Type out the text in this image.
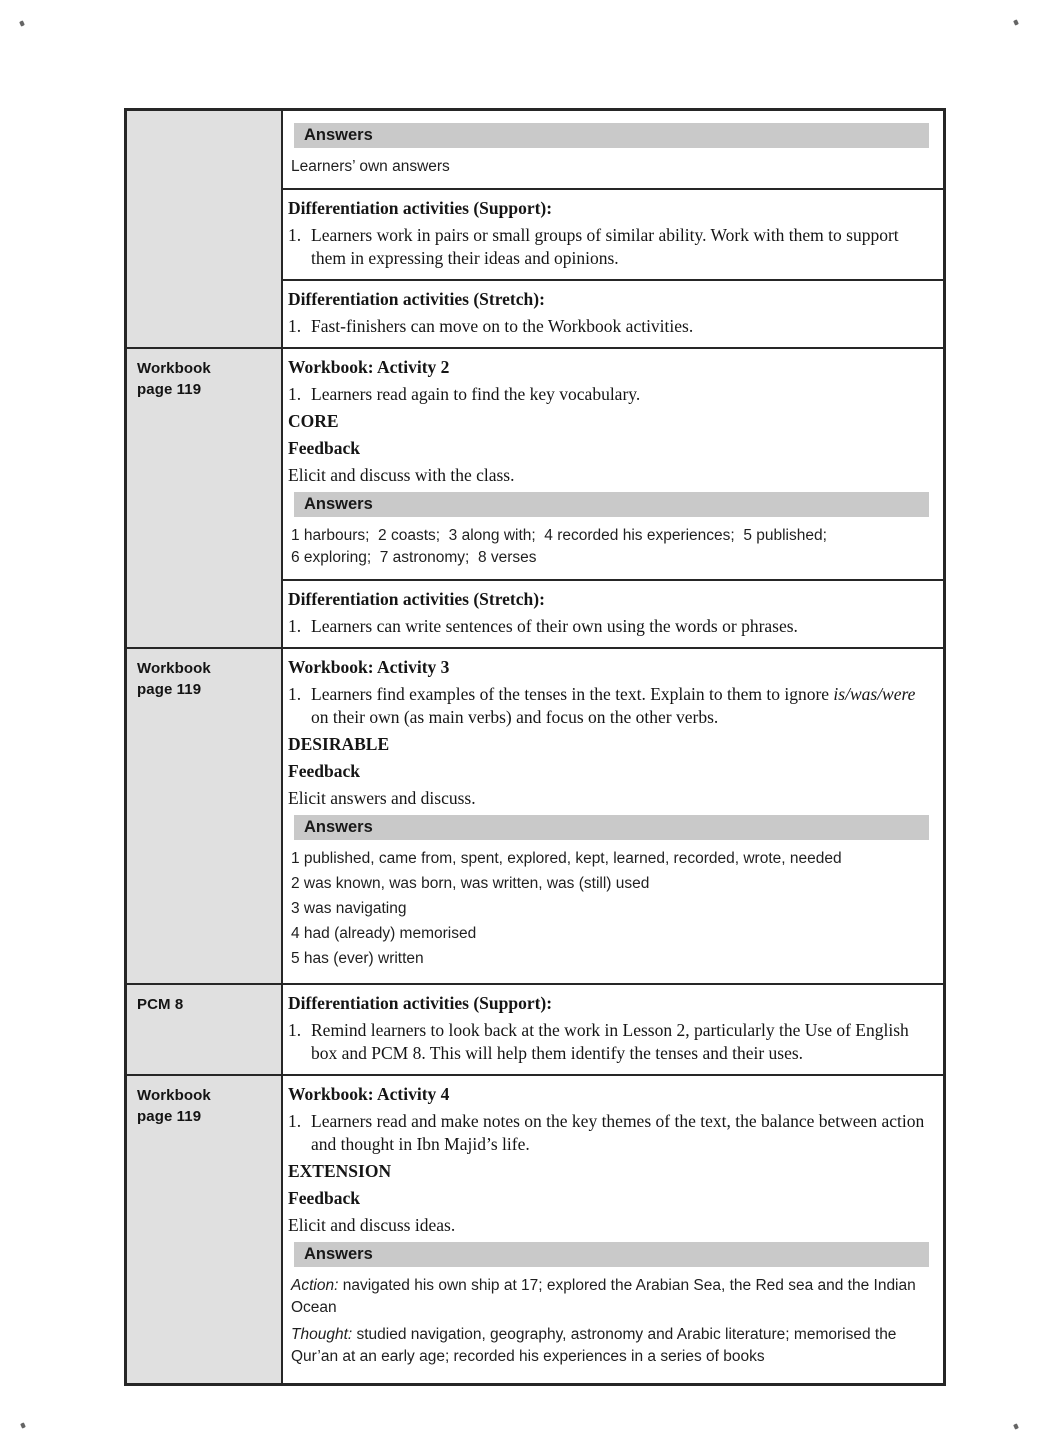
Answers
Learners’ own answers
Differentiation activities (Support):
1. Learners work in pairs or small groups of similar ability. Work with them to support them in expressing their ideas and opinions.
Differentiation activities (Stretch):
1. Fast-finishers can move on to the Workbook activities.
Workbook
page 119
Workbook: Activity 2
1. Learners read again to find the key vocabulary.
CORE
Feedback
Elicit and discuss with the class.
Answers
1 harbours;  2 coasts;  3 along with;  4 recorded his experiences;  5 published;
6 exploring;  7 astronomy;  8 verses
Differentiation activities (Stretch):
1. Learners can write sentences of their own using the words or phrases.
Workbook
page 119
Workbook: Activity 3
1. Learners find examples of the tenses in the text. Explain to them to ignore is/was/were on their own (as main verbs) and focus on the other verbs.
DESIRABLE
Feedback
Elicit answers and discuss.
Answers
1 published, came from, spent, explored, kept, learned, recorded, wrote, needed
2 was known, was born, was written, was (still) used
3 was navigating
4 had (already) memorised
5 has (ever) written
PCM 8	Differentiation activities (Support):
1. Remind learners to look back at the work in Lesson 2, particularly the Use of English box and PCM 8. This will help them identify the tenses and their uses.
Workbook
page 119
Workbook: Activity 4
1. Learners read and make notes on the key themes of the text, the balance between action and thought in Ibn Majid’s life.
EXTENSION
Feedback
Elicit and discuss ideas.
Answers
Action: navigated his own ship at 17; explored the Arabian Sea, the Red sea and the Indian Ocean
Thought: studied navigation, geography, astronomy and Arabic literature; memorised the Qur’an at an early age; recorded his experiences in a series of books
